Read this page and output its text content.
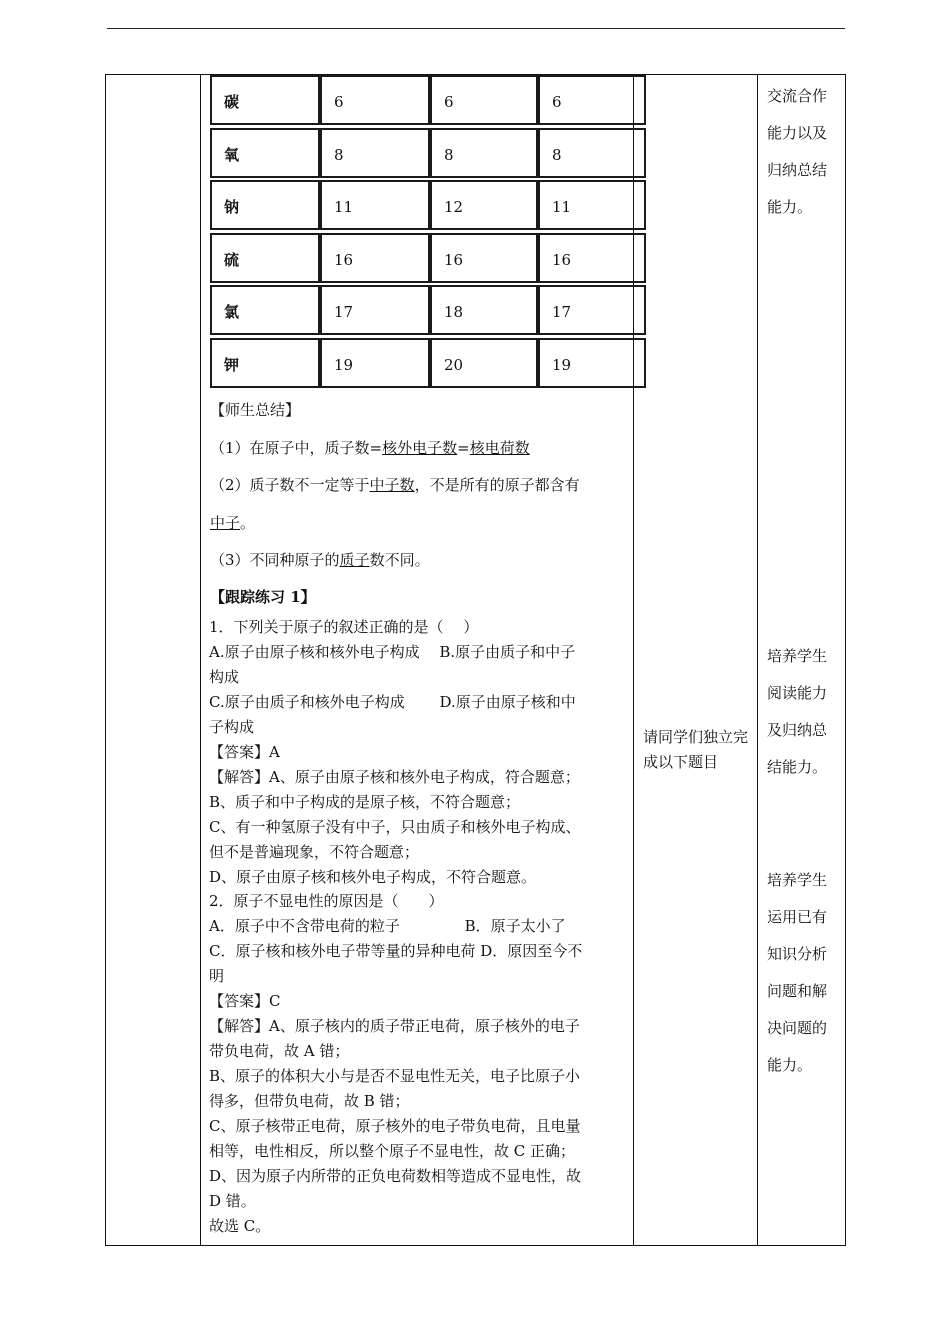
碳	6	6	6
氧	8	8	8
钠	11	12	11
硫	16	16	16
氯	17	18	17
钾	19	20	19
【师生总结】
（1）在原子中，质子数=核外电子数=核电荷数
（2）质子数不一定等于中子数，不是所有的原子都含有
中子。
（3）不同种原子的质子数不同。
【跟踪练习 1】
1．下列关于原子的叙述正确的是（　 ）
A.原子由原子核和核外电子构成　 B.原子由质子和中子
构成
C.原子由质子和核外电子构成　　 D.原子由原子核和中
子构成
【答案】A
【解答】A、原子由原子核和核外电子构成，符合题意；
B、质子和中子构成的是原子核，不符合题意；
C、有一种氢原子没有中子，只由质子和核外电子构成、
但不是普遍现象，不符合题意；
D、原子由原子核和核外电子构成，不符合题意。
2．原子不显电性的原因是（　　）
A．原子中不含带电荷的粒子　　　　 B．原子太小了
C．原子核和核外电子带等量的异种电荷 D．原因至今不
明
【答案】C
【解答】A、原子核内的质子带正电荷，原子核外的电子
带负电荷，故 A 错；
B、原子的体积大小与是否不显电性无关，电子比原子小
得多，但带负电荷，故 B 错；
C、原子核带正电荷，原子核外的电子带负电荷，且电量
相等，电性相反，所以整个原子不显电性，故 C 正确；
D、因为原子内所带的正负电荷数相等造成不显电性，故
D 错。
故选 C。
请同学们独立完成以下题目
交流合作能力以及归纳总结能力。
培养学生阅读能力及归纳总结能力。
培养学生运用已有知识分析问题和解决问题的能力。
